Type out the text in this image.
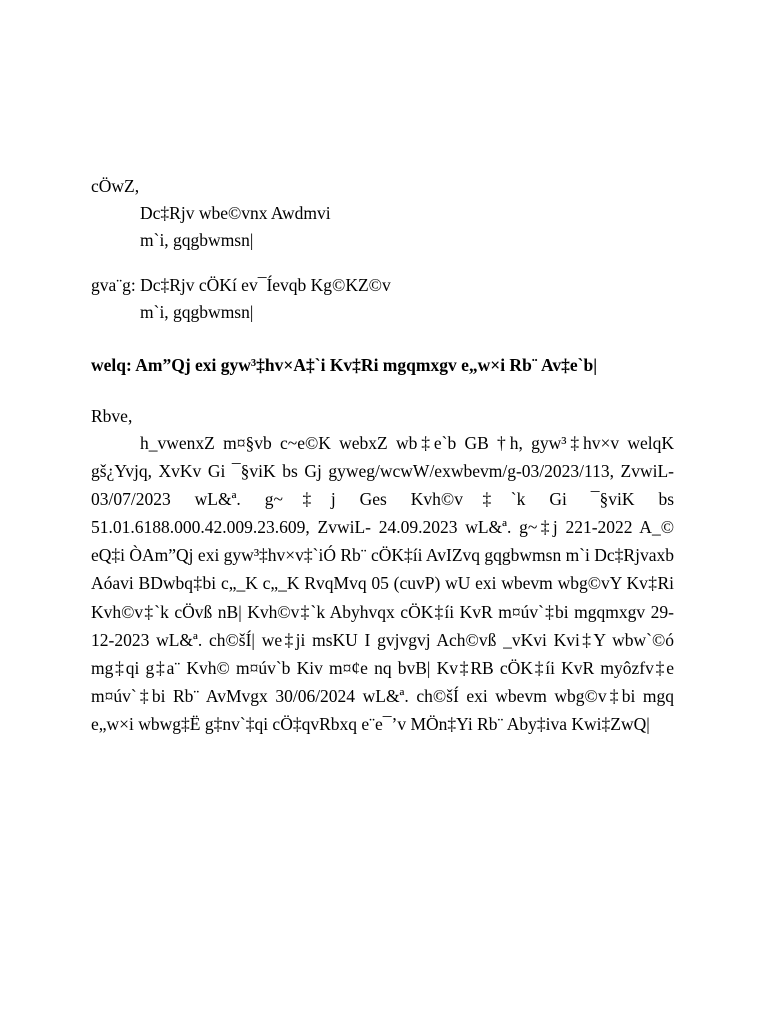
cÖwZ,
Dc‡Rjv wbe©vnx Awdmvi
m`i, gqgbwmsn|
gva¨g: Dc‡Rjv cÖKí ev¯Íevqb Kg©KZ©v
m`i, gqgbwmsn|
welq: Am”Qj exi gyw³‡hv×A‡`i Kv‡Ri mgqmxgv e„w×i Rb¨ Av‡e`b|
Rbve,
h_vwenxZ m¤§vb c~e©K webxZ wb‡e`b GB †h, gyw³‡hv×v welqK gš¿Yvjq, XvKv Gi ¯§viK bs Gj gyweg/wcwW/exwbevm/g-03/2023/113, ZvwiL-03/07/2023 wL&ª. g~‡j Ges Kvh©v‡`k Gi ¯§viK bs 51.01.6188.000.42.009.23.609, ZvwiL- 24.09.2023 wL&ª. g~‡j 221-2022 A_© eQ‡i ÒAm”Qj exi gyw³‡hv×v‡`iÓ Rb¨ cÖK‡íi AvIZvq gqgbwmsn m`i Dc‡Rjvaxb Aóavi BDwbq‡bi c„_K c„_K RvqMvq 05 (cuvP) wU exi wbevm wbg©vY Kv‡Ri Kvh©v‡`k cÖvß nB| Kvh©v‡`k Abyhvqx cÖK‡íi KvR m¤úv`‡bi mgqmxgv 29-12-2023 wL&ª. ch©šÍ| we‡ji msKU I gvjvgvj Ach©vß _vKvi Kvi‡Y wbw`©ó mg‡qi g‡a¨ Kvh© m¤úv`b Kiv m¤¢e nq bvB| Kv‡RB cÖK‡íi KvR myôzfv‡e m¤úv`‡bi Rb¨ AvMvgx 30/06/2024 wL&ª. ch©šÍ exi wbevm wbg©v‡bi mgq e„w×i wbwg‡Ë g‡nv`‡qi cÖ‡qvRbxq e¨e¯’v MÖn‡Yi Rb¨ Aby‡iva Kwi‡ZwQ|
